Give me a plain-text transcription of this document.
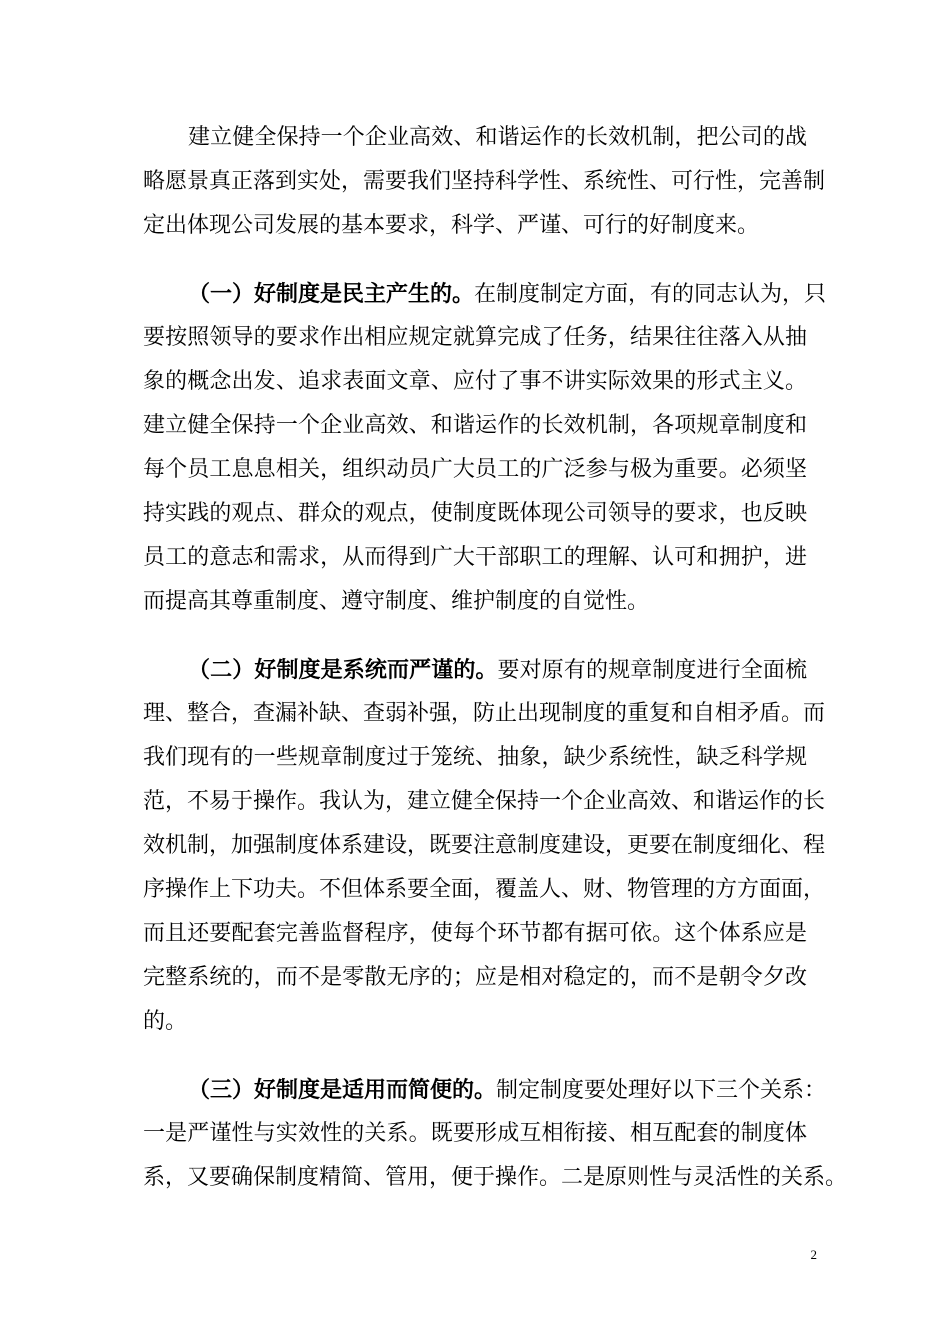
建立健全保持一个企业高效、和谐运作的长效机制，把公司的战
略愿景真正落到实处，需要我们坚持科学性、系统性、可行性，完善制
定出体现公司发展的基本要求，科学、严谨、可行的好制度来。
（一）好制度是民主产生的。在制度制定方面，有的同志认为，只
要按照领导的要求作出相应规定就算完成了任务，结果往往落入从抽
象的概念出发、追求表面文章、应付了事不讲实际效果的形式主义。
建立健全保持一个企业高效、和谐运作的长效机制，各项规章制度和
每个员工息息相关，组织动员广大员工的广泛参与极为重要。必须坚
持实践的观点、群众的观点，使制度既体现公司领导的要求，也反映
员工的意志和需求，从而得到广大干部职工的理解、认可和拥护，进
而提高其尊重制度、遵守制度、维护制度的自觉性。
（二）好制度是系统而严谨的。要对原有的规章制度进行全面梳
理、整合，查漏补缺、查弱补强，防止出现制度的重复和自相矛盾。而
我们现有的一些规章制度过于笼统、抽象，缺少系统性，缺乏科学规
范，不易于操作。我认为，建立健全保持一个企业高效、和谐运作的长
效机制，加强制度体系建设，既要注意制度建设，更要在制度细化、程
序操作上下功夫。不但体系要全面，覆盖人、财、物管理的方方面面，
而且还要配套完善监督程序，使每个环节都有据可依。这个体系应是
完整系统的，而不是零散无序的；应是相对稳定的，而不是朝令夕改
的。
（三）好制度是适用而简便的。制定制度要处理好以下三个关系：
一是严谨性与实效性的关系。既要形成互相衔接、相互配套的制度体
系，又要确保制度精简、管用，便于操作。二是原则性与灵活性的关系。
2
